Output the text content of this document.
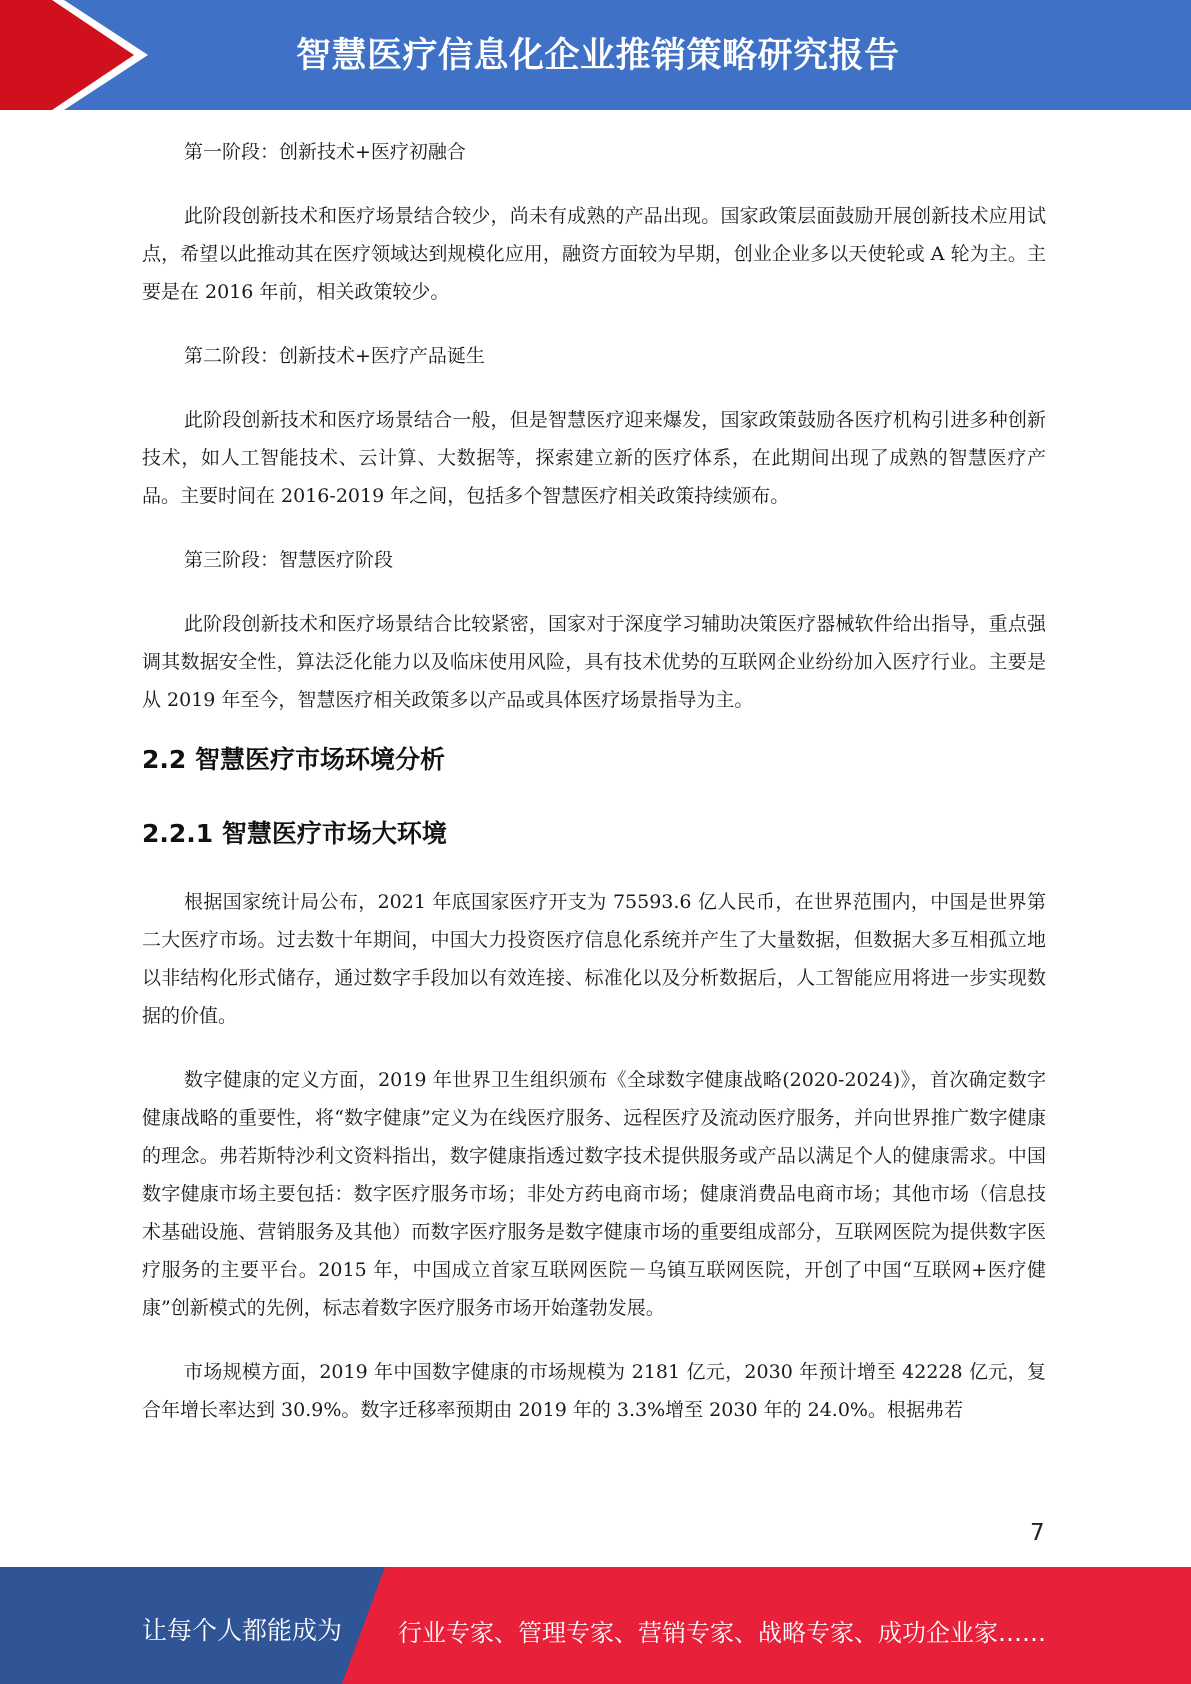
智慧医疗信息化企业推销策略研究报告

第一阶段：创新技术+医疗初融合

此阶段创新技术和医疗场景结合较少，尚未有成熟的产品出现。国家政策层面鼓励开展创新技术应用试点，希望以此推动其在医疗领域达到规模化应用，融资方面较为早期，创业企业多以天使轮或 A 轮为主。主要是在 2016 年前，相关政策较少。

第二阶段：创新技术+医疗产品诞生

此阶段创新技术和医疗场景结合一般，但是智慧医疗迎来爆发，国家政策鼓励各医疗机构引进多种创新技术，如人工智能技术、云计算、大数据等，探索建立新的医疗体系，在此期间出现了成熟的智慧医疗产品。主要时间在 2016-2019 年之间，包括多个智慧医疗相关政策持续颁布。

第三阶段：智慧医疗阶段

此阶段创新技术和医疗场景结合比较紧密，国家对于深度学习辅助决策医疗器械软件给出指导，重点强调其数据安全性，算法泛化能力以及临床使用风险，具有技术优势的互联网企业纷纷加入医疗行业。主要是从 2019 年至今，智慧医疗相关政策多以产品或具体医疗场景指导为主。

2.2 智慧医疗市场环境分析
2.2.1 智慧医疗市场大环境

根据国家统计局公布，2021 年底国家医疗开支为 75593.6 亿人民币，在世界范围内，中国是世界第二大医疗市场。过去数十年期间，中国大力投资医疗信息化系统并产生了大量数据，但数据大多互相孤立地以非结构化形式储存，通过数字手段加以有效连接、标准化以及分析数据后，人工智能应用将进一步实现数据的价值。

数字健康的定义方面，2019 年世界卫生组织颁布《全球数字健康战略(2020-2024)》，首次确定数字健康战略的重要性，将“数字健康”定义为在线医疗服务、远程医疗及流动医疗服务，并向世界推广数字健康的理念。弗若斯特沙利文资料指出，数字健康指透过数字技术提供服务或产品以满足个人的健康需求。中国数字健康市场主要包括：数字医疗服务市场；非处方药电商市场；健康消费品电商市场；其他市场（信息技术基础设施、营销服务及其他）而数字医疗服务是数字健康市场的重要组成部分，互联网医院为提供数字医疗服务的主要平台。2015 年，中国成立首家互联网医院－乌镇互联网医院，开创了中国“互联网+医疗健康”创新模式的先例，标志着数字医疗服务市场开始蓬勃发展。

市场规模方面，2019 年中国数字健康的市场规模为 2181 亿元，2030 年预计增至 42228 亿元，复合年增长率达到 30.9%。数字迁移率预期由 2019 年的 3.3%增至 2030 年的 24.0%。根据弗若

7
让每个人都能成为 行业专家、管理专家、营销专家、战略专家、成功企业家……
